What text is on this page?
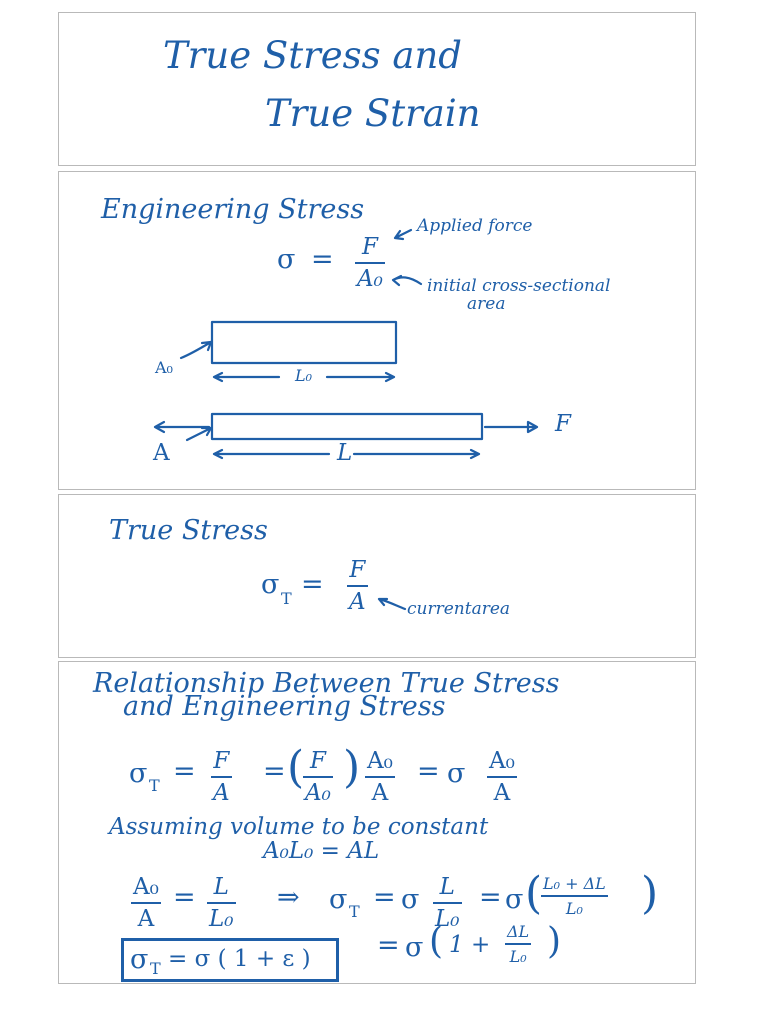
True Stress and
True Strain
Engineering Stress
σ = F
A₀
Applied force
initial cross-sectional
area
A₀	L₀
A	L
F
True Stress
σ T = F
A currentarea
Relationship Between True Stress
and Engineering Stress
σ T = F
A
= ( F
A₀ ) A₀
A
= σ A₀
A
Assuming volume to be constant
A₀L₀ = AL
A₀
A
= L
L₀
⇒ σ T = σ L
L₀
= σ ( L₀ + ΔL
L₀ )
= σ ( 1 +
ΔL
L₀ )
σ T = σ ( 1 + ε )
